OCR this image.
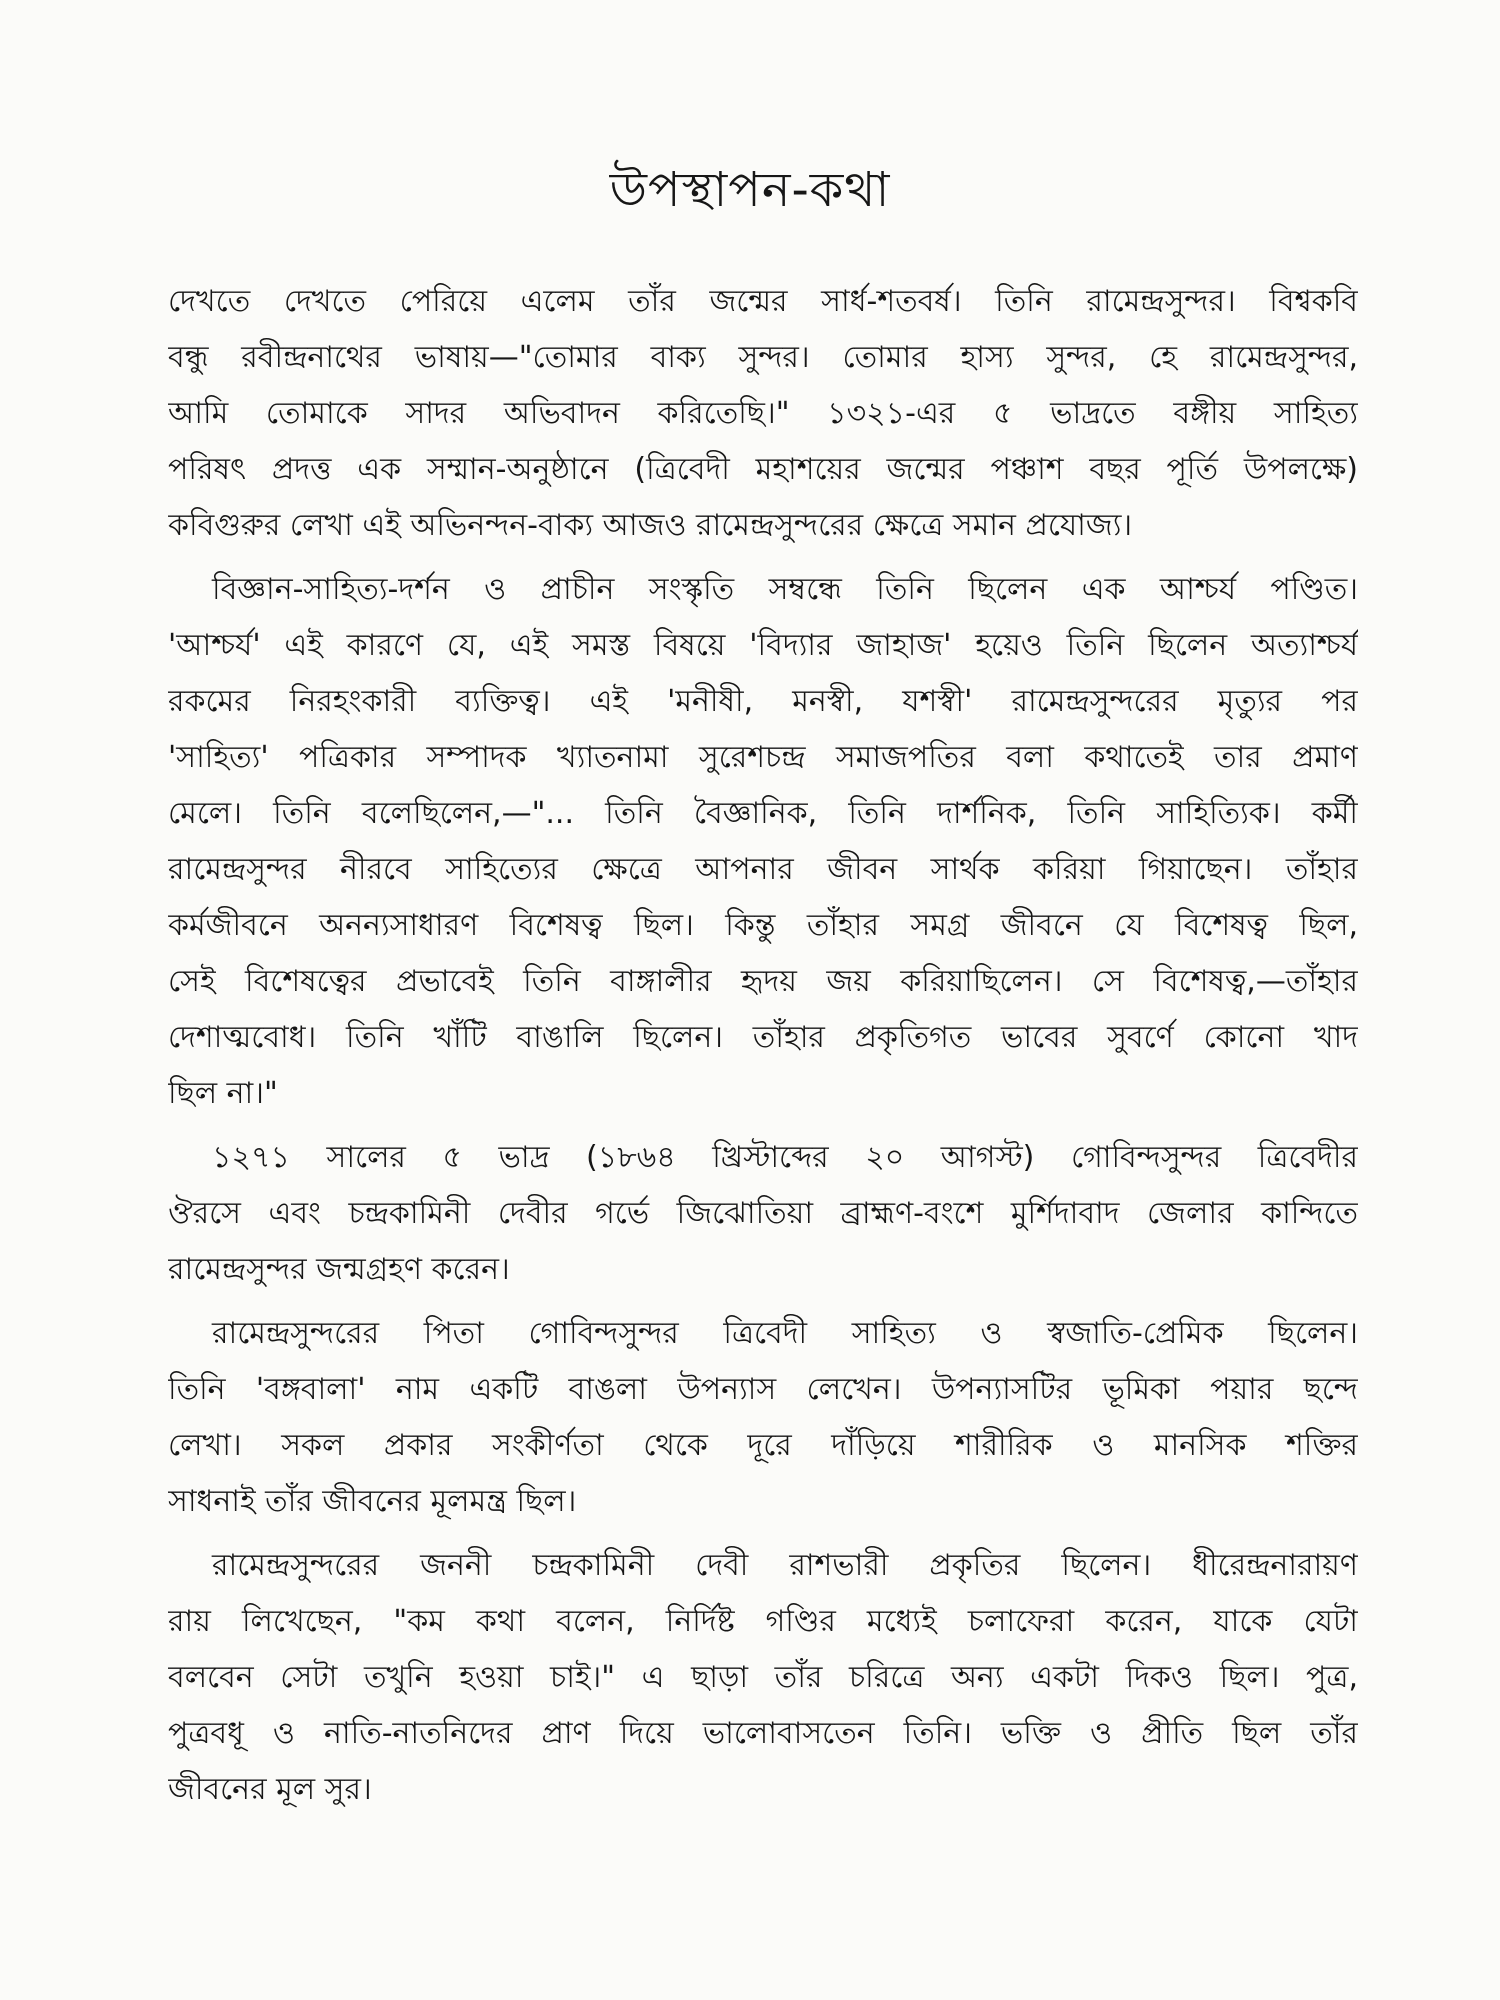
উপস্থাপন-কথা
দেখতে দেখতে পেরিয়ে এলেম তাঁর জন্মের সার্ধ-শতবর্ষ। তিনি রামেন্দ্রসুন্দর। বিশ্বকবি
বন্ধু রবীন্দ্রনাথের ভাষায়—"তোমার বাক্য সুন্দর। তোমার হাস্য সুন্দর, হে রামেন্দ্রসুন্দর,
আমি তোমাকে সাদর অভিবাদন করিতেছি।" ১৩২১-এর ৫ ভাদ্রতে বঙ্গীয় সাহিত্য
পরিষৎ প্রদত্ত এক সম্মান-অনুষ্ঠানে (ত্রিবেদী মহাশয়ের জন্মের পঞ্চাশ বছর পূর্তি উপলক্ষে)
কবিগুরুর লেখা এই অভিনন্দন-বাক্য আজও রামেন্দ্রসুন্দরের ক্ষেত্রে সমান প্রযোজ্য।
বিজ্ঞান-সাহিত্য-দর্শন ও প্রাচীন সংস্কৃতি সম্বন্ধে তিনি ছিলেন এক আশ্চর্য পণ্ডিত।
'আশ্চর্য' এই কারণে যে, এই সমস্ত বিষয়ে 'বিদ্যার জাহাজ' হয়েও তিনি ছিলেন অত্যাশ্চর্য
রকমের নিরহংকারী ব্যক্তিত্ব। এই 'মনীষী, মনস্বী, যশস্বী' রামেন্দ্রসুন্দরের মৃত্যুর পর
'সাহিত্য' পত্রিকার সম্পাদক খ্যাতনামা সুরেশচন্দ্র সমাজপতির বলা কথাতেই তার প্রমাণ
মেলে। তিনি বলেছিলেন,—"... তিনি বৈজ্ঞানিক, তিনি দার্শনিক, তিনি সাহিত্যিক। কর্মী
রামেন্দ্রসুন্দর নীরবে সাহিত্যের ক্ষেত্রে আপনার জীবন সার্থক করিয়া গিয়াছেন। তাঁহার
কর্মজীবনে অনন্যসাধারণ বিশেষত্ব ছিল। কিন্তু তাঁহার সমগ্র জীবনে যে বিশেষত্ব ছিল,
সেই বিশেষত্বের প্রভাবেই তিনি বাঙ্গালীর হৃদয় জয় করিয়াছিলেন। সে বিশেষত্ব,—তাঁহার
দেশাত্মবোধ। তিনি খাঁটি বাঙালি ছিলেন। তাঁহার প্রকৃতিগত ভাবের সুবর্ণে কোনো খাদ
ছিল না।"
১২৭১ সালের ৫ ভাদ্র (১৮৬৪ খ্রিস্টাব্দের ২০ আগস্ট) গোবিন্দসুন্দর ত্রিবেদীর
ঔরসে এবং চন্দ্রকামিনী দেবীর গর্ভে জিঝোতিয়া ব্রাহ্মণ-বংশে মুর্শিদাবাদ জেলার কান্দিতে
রামেন্দ্রসুন্দর জন্মগ্রহণ করেন।
রামেন্দ্রসুন্দরের পিতা গোবিন্দসুন্দর ত্রিবেদী সাহিত্য ও স্বজাতি-প্রেমিক ছিলেন।
তিনি 'বঙ্গবালা' নাম একটি বাঙলা উপন্যাস লেখেন। উপন্যাসটির ভূমিকা পয়ার ছন্দে
লেখা। সকল প্রকার সংকীর্ণতা থেকে দূরে দাঁড়িয়ে শারীরিক ও মানসিক শক্তির
সাধনাই তাঁর জীবনের মূলমন্ত্র ছিল।
রামেন্দ্রসুন্দরের জননী চন্দ্রকামিনী দেবী রাশভারী প্রকৃতির ছিলেন। ধীরেন্দ্রনারায়ণ
রায় লিখেছেন, "কম কথা বলেন, নির্দিষ্ট গণ্ডির মধ্যেই চলাফেরা করেন, যাকে যেটা
বলবেন সেটা তখুনি হওয়া চাই।" এ ছাড়া তাঁর চরিত্রে অন্য একটা দিকও ছিল। পুত্র,
পুত্রবধূ ও নাতি-নাতনিদের প্রাণ দিয়ে ভালোবাসতেন তিনি। ভক্তি ও প্রীতি ছিল তাঁর
জীবনের মূল সুর।
